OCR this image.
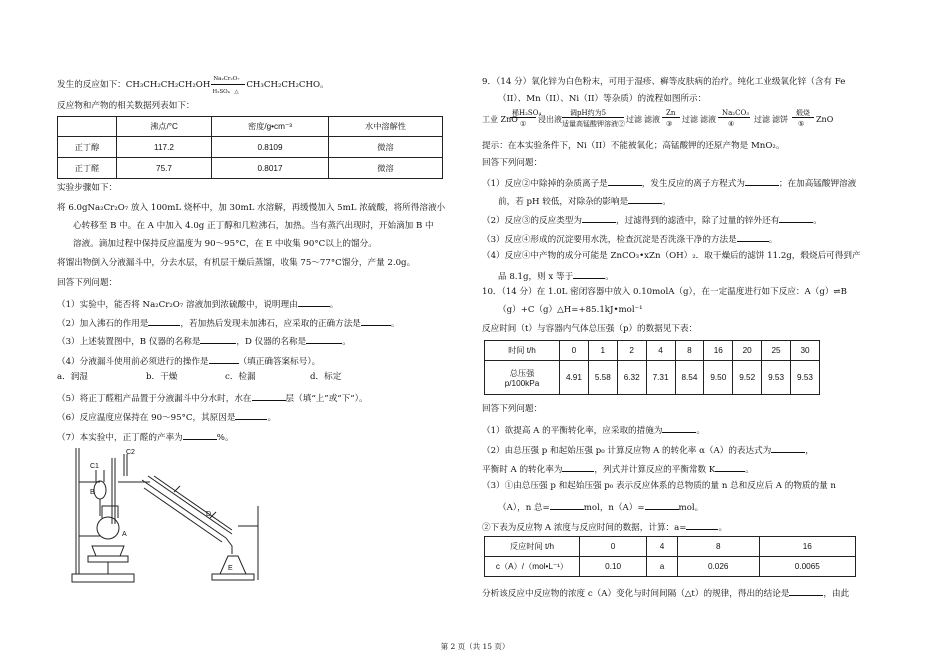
发生的反应如下：CH₃CH₂CH₂CH₂OH
Na₂Cr₂O₇
H₂SO₄ △
CH₃CH₂CH₂CHO。
反应物和产物的相关数据列表如下：
	沸点/°C	密度/g•cm⁻³	水中溶解性
正丁醇	117.2	0.8109	微溶
正丁醛	75.7	0.8017	微溶
实验步骤如下：
将 6.0gNa₂Cr₂O₇ 放入 100mL 烧杯中，加 30mL 水溶解，再缓慢加入 5mL 浓硫酸，将所得溶液小
心转移至 B 中。在 A 中加入 4.0g 正丁醇和几粒沸石，加热。当有蒸汽出现时，开始滴加 B 中
溶液。滴加过程中保持反应温度为 90～95°C，在 E 中收集 90°C以上的馏分。
将馏出物倒入分液漏斗中，分去水层，有机层干燥后蒸馏，收集 75～77°C馏分，产量 2.0g。
回答下列问题：
（1）实验中，能否将 Na₂Cr₂O₇ 溶液加到浓硫酸中，说明理由	。
（2）加入沸石的作用是	，若加热后发现未加沸石，应采取的正确方法是	。
（3）上述装置图中，B 仪器的名称是	，D 仪器的名称是	。
（4）分液漏斗使用前必须进行的操作是	（填正确答案标号）。
a．润湿	b．干燥	c．检漏	d．标定
（5）将正丁醛粗产品置于分液漏斗中分水时，水在	层（填“上”或“下”）。
（6）反应温度应保持在 90～95°C，其原因是	。
（7）本实验中，正丁醛的产率为	%。
C1
C2
B
A
D
E
9．（14 分）氧化锌为白色粉末，可用于湿疹、癣等皮肤病的治疗。纯化工业级氧化锌（含有 Fe
（II）、Mn（II）、Ni（II）等杂质）的流程如图所示：
工业 ZnO
稀H₂SO₄
① 浸出液
调pH约为5
适量高锰酸钾溶液② 过滤 滤液
Zn
③ 过滤 滤液
Na₂CO₃
④ 过滤 滤饼
煅烧
⑤ ZnO
提示：在本实验条件下，Ni（II）不能被氧化；高锰酸钾的还原产物是 MnO₂。
回答下列问题：
（1）反应②中除掉的杂质离子是	，发生反应的离子方程式为	；在加高锰酸钾溶液
前，若 pH 较低，对除杂的影响是	。
（2）反应③的反应类型为	，过滤得到的滤渣中，除了过量的锌外还有	。
（3）反应④形成的沉淀要用水洗，检查沉淀是否洗涤干净的方法是	。
（4）反应④中产物的成分可能是 ZnCO₃•xZn（OH）₂．取干燥后的滤饼 11.2g，煅烧后可得到产
品 8.1g，则 x 等于	。
10．（14 分）在 1.0L 密闭容器中放入 0.10molA（g），在一定温度进行如下反应：A（g）⇌B
（g）+C（g）△H=+85.1kJ•mol⁻¹
反应时间（t）与容器内气体总压强（p）的数据见下表：
时间 t/h	0	1	2	4	8	16	20	25	30
总压强
p/100kPa	4.91	5.58	6.32	7.31	8.54	9.50	9.52	9.53	9.53
回答下列问题：
（1）欲提高 A 的平衡转化率，应采取的措施为	。
（2）由总压强 p 和起始压强 p₀ 计算反应物 A 的转化率 α（A）的表达式为	，
平衡时 A 的转化率为	，列式并计算反应的平衡常数 K	。
（3）①由总压强 p 和起始压强 p₀ 表示反应体系的总物质的量 n 总和反应后 A 的物质的量 n
（A），n 总=	mol，n（A）=	mol。
②下表为反应物 A 浓度与反应时间的数据，计算：a=	。
反应时间 t/h	0	4	8	16
c（A）/（mol•L⁻¹）	0.10	a	0.026	0.0065
分析该反应中反应物的浓度 c（A）变化与时间间隔（△t）的规律，得出的结论是	，由此
第 2 页（共 15 页）
